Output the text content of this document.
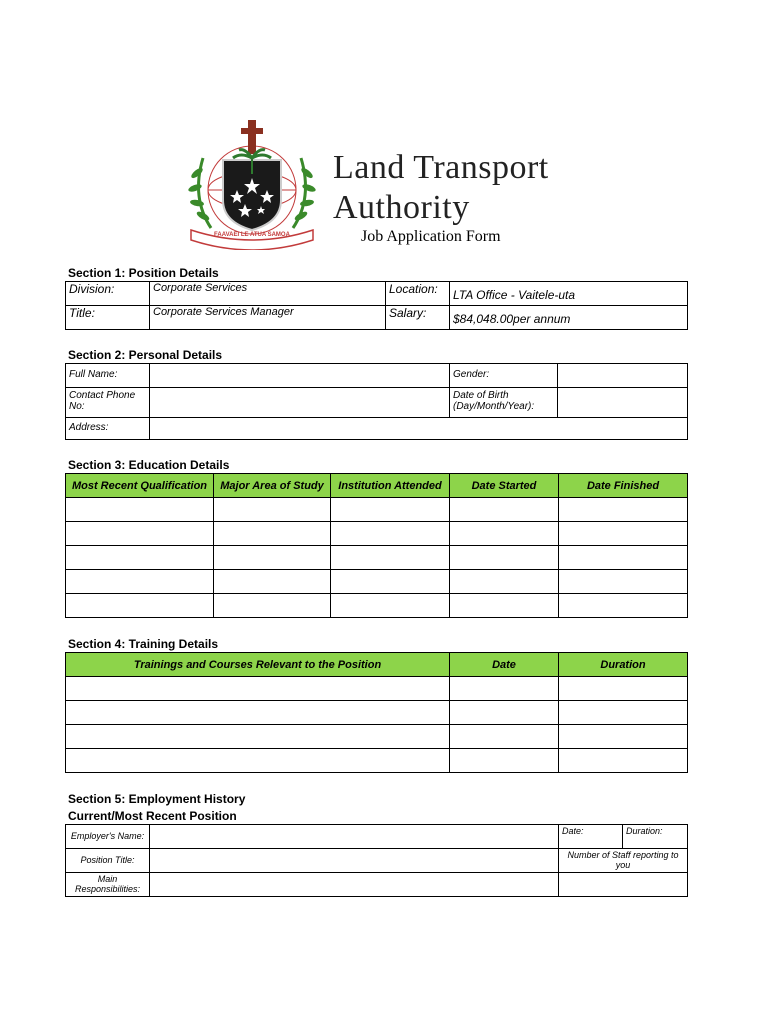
FAAVAEI LE ATUA SAMOA
Land Transport
Authority
Job Application Form
Section 1: Position Details
Division:	Corporate Services	Location:	LTA Office - Vaitele-uta
Title:	Corporate Services Manager	Salary:	$84,048.00per annum
Section 2: Personal Details
Full Name:		Gender:	
Contact Phone No:		Date of Birth (Day/Month/Year):	
Address:			
Section 3: Education Details
Most Recent Qualification	Major Area of Study	Institution Attended	Date Started	Date Finished

Section 4: Training Details
Trainings and Courses Relevant to the Position	Date	Duration

Section 5: Employment History
Current/Most Recent Position
Employer's Name:		Date:	Duration:
Position Title:		Number of Staff reporting to you	
Main Responsibilities:			
